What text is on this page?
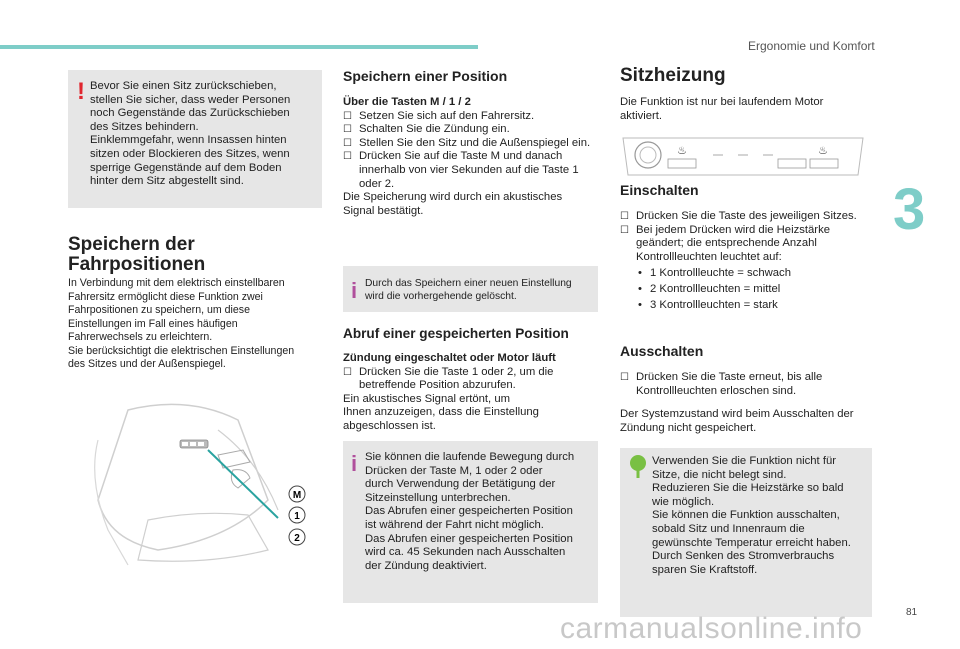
Ergonomie und Komfort
3
! Bevor Sie einen Sitz zurückschieben,
stellen Sie sicher, dass weder Personen
noch Gegenstände das Zurückschieben
des Sitzes behindern.
Einklemmgefahr, wenn Insassen hinten
sitzen oder Blockieren des Sitzes, wenn
sperrige Gegenstände auf dem Boden
hinter dem Sitz abgestellt sind.
Speichern der
Fahrpositionen
In Verbindung mit dem elektrisch einstellbaren
Fahrersitz ermöglicht diese Funktion zwei
Fahrpositionen zu speichern, um diese
Einstellungen im Fall eines häufigen
Fahrerwechsels zu erleichtern.
Sie berücksichtigt die elektrischen Einstellungen
des Sitzes und der Außenspiegel.
M
1
2
Speichern einer Position
Über die Tasten M / 1 / 2
☐ Setzen Sie sich auf den Fahrersitz.
☐ Schalten Sie die Zündung ein.
☐ Stellen Sie den Sitz und die Außenspiegel ein.
☐ Drücken Sie auf die Taste M und danach innerhalb von vier Sekunden auf die Taste 1 oder 2.
Die Speicherung wird durch ein akustisches
Signal bestätigt.
i Durch das Speichern einer neuen Einstellung
wird die vorhergehende gelöscht.
Abruf einer gespeicherten Position
Zündung eingeschaltet oder Motor läuft
☐ Drücken Sie die Taste 1 oder 2, um die betreffende Position abzurufen.
Ein akustisches Signal ertönt, um
Ihnen anzuzeigen, dass die Einstellung
abgeschlossen ist.
i Sie können die laufende Bewegung durch
Drücken der Taste M, 1 oder 2 oder
durch Verwendung der Betätigung der
Sitzeinstellung unterbrechen.
Das Abrufen einer gespeicherten Position
ist während der Fahrt nicht möglich.
Das Abrufen einer gespeicherten Position
wird ca. 45 Sekunden nach Ausschalten
der Zündung deaktiviert.
Sitzheizung
Die Funktion ist nur bei laufendem Motor
aktiviert.
♨	♨
Einschalten
☐ Drücken Sie die Taste des jeweiligen Sitzes.
☐ Bei jedem Drücken wird die Heizstärke geändert; die entsprechende Anzahl Kontrollleuchten leuchtet auf:
• 1 Kontrollleuchte = schwach
• 2 Kontrollleuchten = mittel
• 3 Kontrollleuchten = stark
Ausschalten
☐ Drücken Sie die Taste erneut, bis alle Kontrollleuchten erloschen sind.
Der Systemzustand wird beim Ausschalten der
Zündung nicht gespeichert.
Verwenden Sie die Funktion nicht für
Sitze, die nicht belegt sind.
Reduzieren Sie die Heizstärke so bald
wie möglich.
Sie können die Funktion ausschalten,
sobald Sitz und Innenraum die
gewünschte Temperatur erreicht haben.
Durch Senken des Stromverbrauchs
sparen Sie Kraftstoff.
81
carmanualsonline.info
